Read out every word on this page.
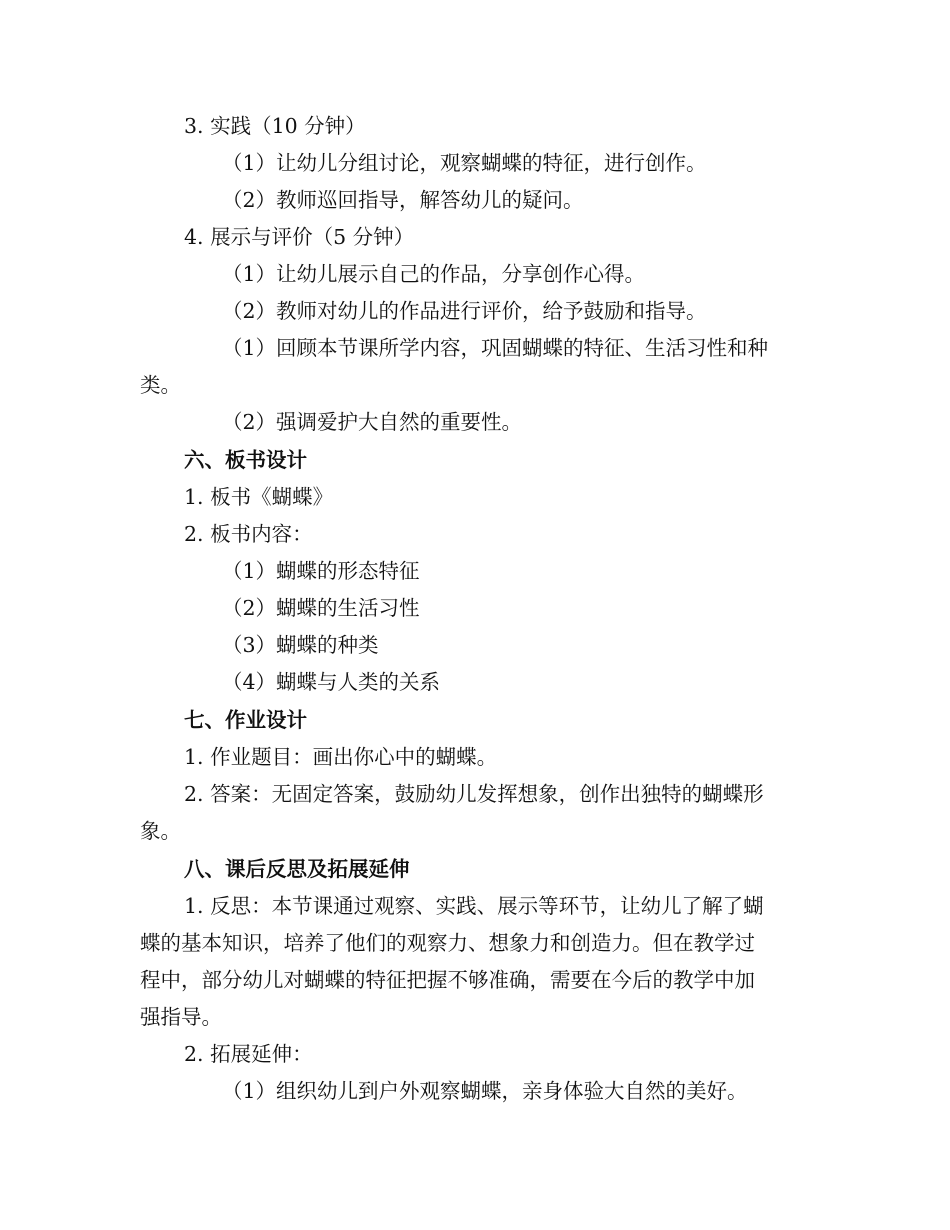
3. 实践（10 分钟）
（1）让幼儿分组讨论，观察蝴蝶的特征，进行创作。
（2）教师巡回指导，解答幼儿的疑问。
4. 展示与评价（5 分钟）
（1）让幼儿展示自己的作品，分享创作心得。
（2）教师对幼儿的作品进行评价，给予鼓励和指导。
（1）回顾本节课所学内容，巩固蝴蝶的特征、生活习性和种
类。
（2）强调爱护大自然的重要性。
六、板书设计
1. 板书《蝴蝶》
2. 板书内容：
（1）蝴蝶的形态特征
（2）蝴蝶的生活习性
（3）蝴蝶的种类
（4）蝴蝶与人类的关系
七、作业设计
1. 作业题目：画出你心中的蝴蝶。
2. 答案：无固定答案，鼓励幼儿发挥想象，创作出独特的蝴蝶形
象。
八、课后反思及拓展延伸
1. 反思：本节课通过观察、实践、展示等环节，让幼儿了解了蝴
蝶的基本知识，培养了他们的观察力、想象力和创造力。但在教学过
程中，部分幼儿对蝴蝶的特征把握不够准确，需要在今后的教学中加
强指导。
2. 拓展延伸：
（1）组织幼儿到户外观察蝴蝶，亲身体验大自然的美好。
